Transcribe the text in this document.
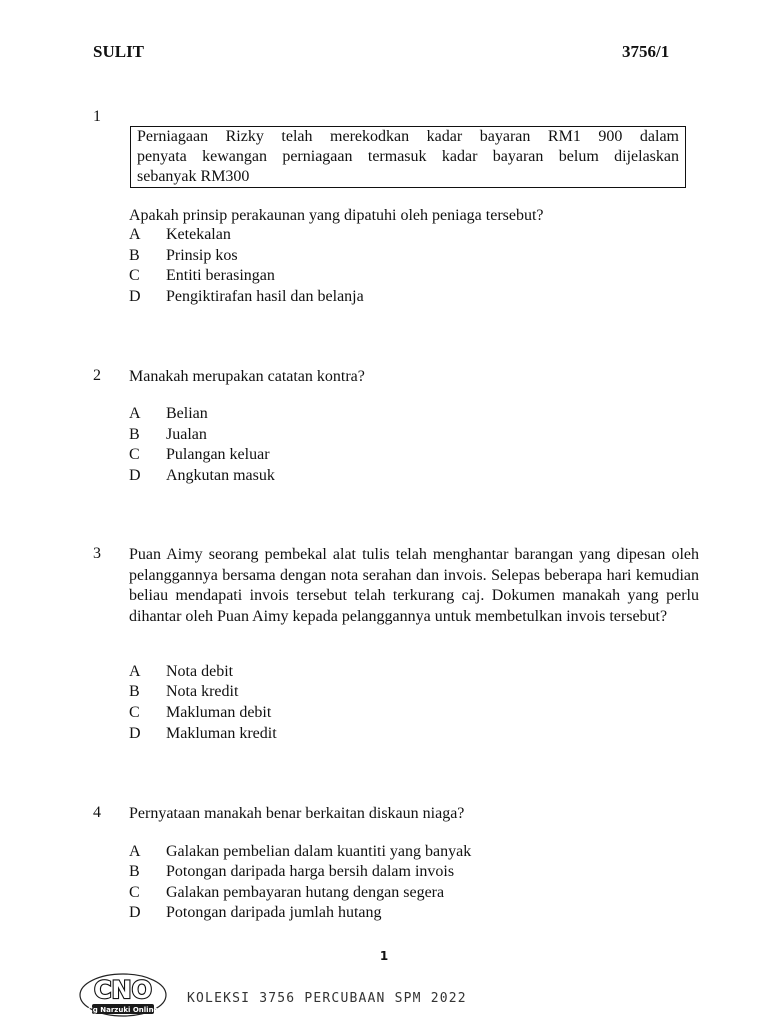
SULIT	3756/1
1
Perniagaan Rizky telah merekodkan kadar bayaran RM1 900 dalam
penyata kewangan perniagaan termasuk kadar bayaran belum dijelaskan
sebanyak RM300
Apakah prinsip perakaunan yang dipatuhi oleh peniaga tersebut?
A	Ketekalan
B	Prinsip kos
C	Entiti berasingan
D	Pengiktirafan hasil dan belanja
2	Manakah merupakan catatan kontra?
A	Belian
B	Jualan
C	Pulangan keluar
D	Angkutan masuk
3	Puan Aimy seorang pembekal alat tulis telah menghantar barangan yang dipesan oleh pelanggannya bersama dengan nota serahan dan invois. Selepas beberapa hari kemudian beliau mendapati invois tersebut telah terkurang caj. Dokumen manakah yang perlu dihantar oleh Puan Aimy kepada pelanggannya untuk membetulkan invois tersebut?
A	Nota debit
B	Nota kredit
C	Makluman debit
D	Makluman kredit
4	Pernyataan manakah benar berkaitan diskaun niaga?
A	Galakan pembelian dalam kuantiti yang banyak
B	Potongan daripada harga bersih dalam invois
C	Galakan pembayaran hutang dengan segera
D	Potongan daripada jumlah hutang
1
CNO
Cg Narzuki Online
KOLEKSI 3756 PERCUBAAN SPM 2022
